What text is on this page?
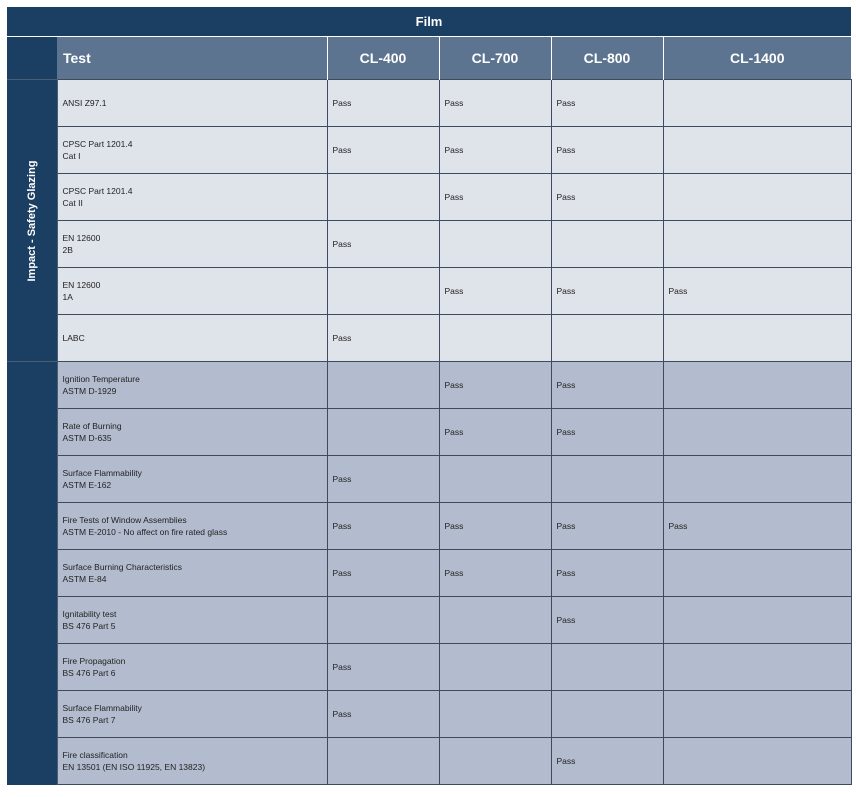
Film					
	Test	CL-400	CL-700	CL-800	CL-1400

Impact - Safety Glazing	ANSI Z97.1	Pass	Pass	Pass	

	CPSC Part 1201.4
Cat I	Pass	Pass	Pass	

	CPSC Part 1201.4
Cat II		Pass	Pass	

	EN 12600
2B	Pass			

	EN 12600
1A		Pass	Pass	Pass

	LABC	Pass			

	Ignition Temperature
ASTM D-1929		Pass	Pass	

	Rate of Burning
ASTM D-635		Pass	Pass	

	Surface Flammability
ASTM E-162	Pass			

	Fire Tests of Window Assemblies
ASTM E-2010 - No affect on fire rated glass	Pass	Pass	Pass	Pass

	Surface Burning Characteristics
ASTM E-84	Pass	Pass	Pass	

	Ignitability test
BS 476 Part 5			Pass	

	Fire Propagation
BS 476 Part 6	Pass			

	Surface Flammability
BS 476 Part 7	Pass			

	Fire classification
EN 13501 (EN ISO 11925, EN 13823)			Pass	
